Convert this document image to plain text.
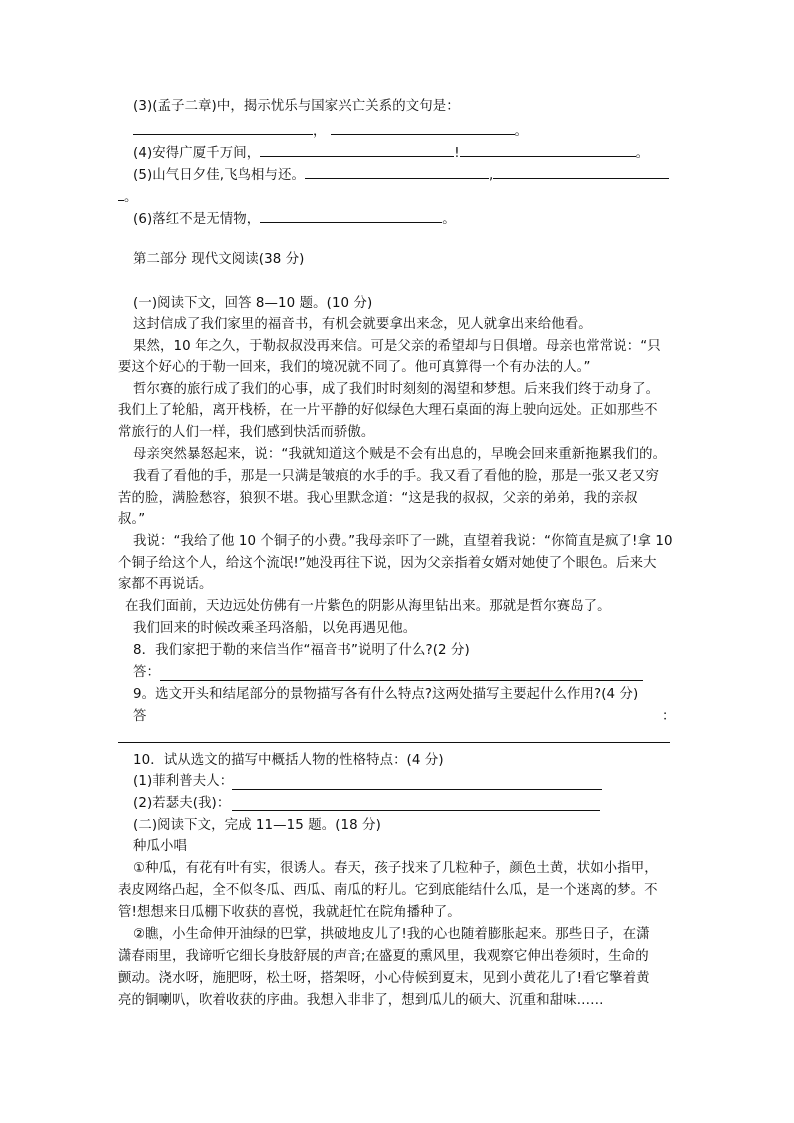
(3)(孟子二章)中，揭示忧乐与国家兴亡关系的文句是：
，	。
(4)安得广厦千万间，	!	。
(5)山气日夕佳,飞鸟相与还。	,
。
(6)落红不是无情物，	。
第二部分 现代文阅读(38 分)
(一)阅读下文，回答 8—10 题。(10 分)
这封信成了我们家里的福音书，有机会就要拿出来念，见人就拿出来给他看。
果然，10 年之久，于勒叔叔没再来信。可是父亲的希望却与日俱增。母亲也常常说：“只
要这个好心的于勒一回来，我们的境况就不同了。他可真算得一个有办法的人。”
哲尔赛的旅行成了我们的心事，成了我们时时刻刻的渴望和梦想。后来我们终于动身了。
我们上了轮船，离开栈桥，在一片平静的好似绿色大理石桌面的海上驶向远处。正如那些不
常旅行的人们一样，我们感到快活而骄傲。
母亲突然暴怒起来，说：“我就知道这个贼是不会有出息的，早晚会回来重新拖累我们的。
我看了看他的手，那是一只满是皱痕的水手的手。我又看了看他的脸，那是一张又老又穷
苦的脸，满脸愁容，狼狈不堪。我心里默念道：“这是我的叔叔，父亲的弟弟，我的亲叔
叔。”
我说：“我给了他 10 个铜子的小费。”我母亲吓了一跳，直望着我说：“你简直是疯了!拿 10
个铜子给这个人，给这个流氓!”她没再往下说，因为父亲指着女婿对她使了个眼色。后来大
家都不再说话。
在我们面前，天边远处仿佛有一片紫色的阴影从海里钻出来。那就是哲尔赛岛了。
我们回来的时候改乘圣玛洛船，以免再遇见他。
8．我们家把于勒的来信当作“福音书”说明了什么?(2 分)
答：
9。选文开头和结尾部分的景物描写各有什么特点?这两处描写主要起什么作用?(4 分)
答	：
10．试从选文的描写中概括人物的性格特点：(4 分)
(1)菲利普夫人：
(2)若瑟夫(我)：
(二)阅读下文，完成 11—15 题。(18 分)
种瓜小唱
①种瓜，有花有叶有实，很诱人。春天，孩子找来了几粒种子，颜色土黄，状如小指甲，
表皮网络凸起，全不似冬瓜、西瓜、南瓜的籽儿。它到底能结什么瓜，是一个迷离的梦。不
管!想想来日瓜棚下收获的喜悦，我就赶忙在院角播种了。
②瞧，小生命伸开油绿的巴掌，拱破地皮儿了!我的心也随着膨胀起来。那些日子，在潇
潇春雨里，我谛听它细长身肢舒展的声音;在盛夏的熏风里，我观察它伸出卷须时，生命的
颤动。浇水呀，施肥呀，松土呀，搭架呀，小心侍候到夏末，见到小黄花儿了!看它擎着黄
亮的铜喇叭，吹着收获的序曲。我想入非非了，想到瓜儿的硕大、沉重和甜味……
